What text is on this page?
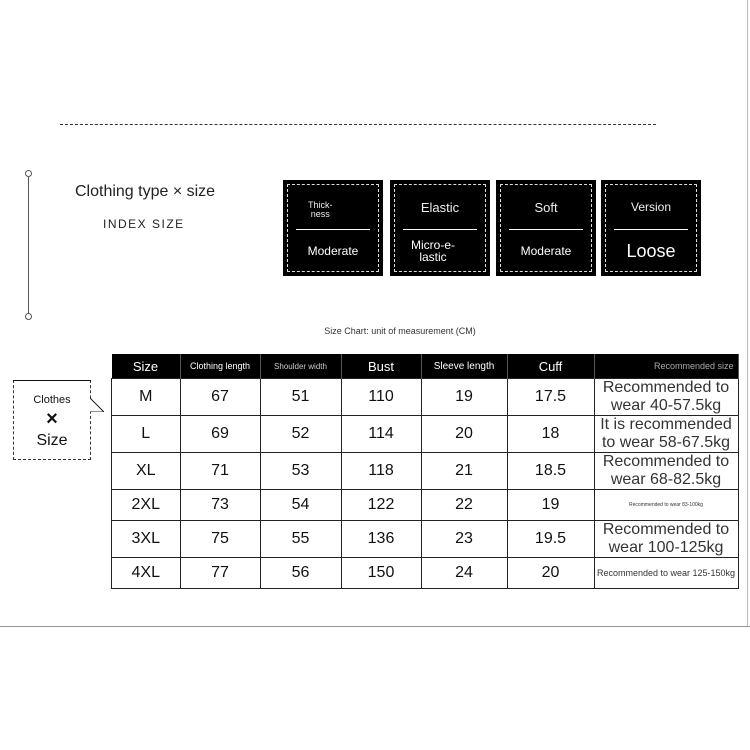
Clothing type × size
INDEX SIZE
Thick-
ness
Moderate
Elastic
Micro-e-
lastic
Soft
Moderate
Version
Loose
Size Chart: unit of measurement (CM)
Clothes
×
Size
Size	Clothing length	Shoulder width	Bust	Sleeve length	Cuff	Recommended size

M	67	51	110	19	17.5	Recommended to wear 40-57.5kg
L	69	52	114	20	18	It is recommended to wear 58-67.5kg
XL	71	53	118	21	18.5	Recommended to wear 68-82.5kg
2XL	73	54	122	22	19	Recommended to wear 83-100kg
3XL	75	55	136	23	19.5	Recommended to wear 100-125kg
4XL	77	56	150	24	20	Recommended to wear 125-150kg
